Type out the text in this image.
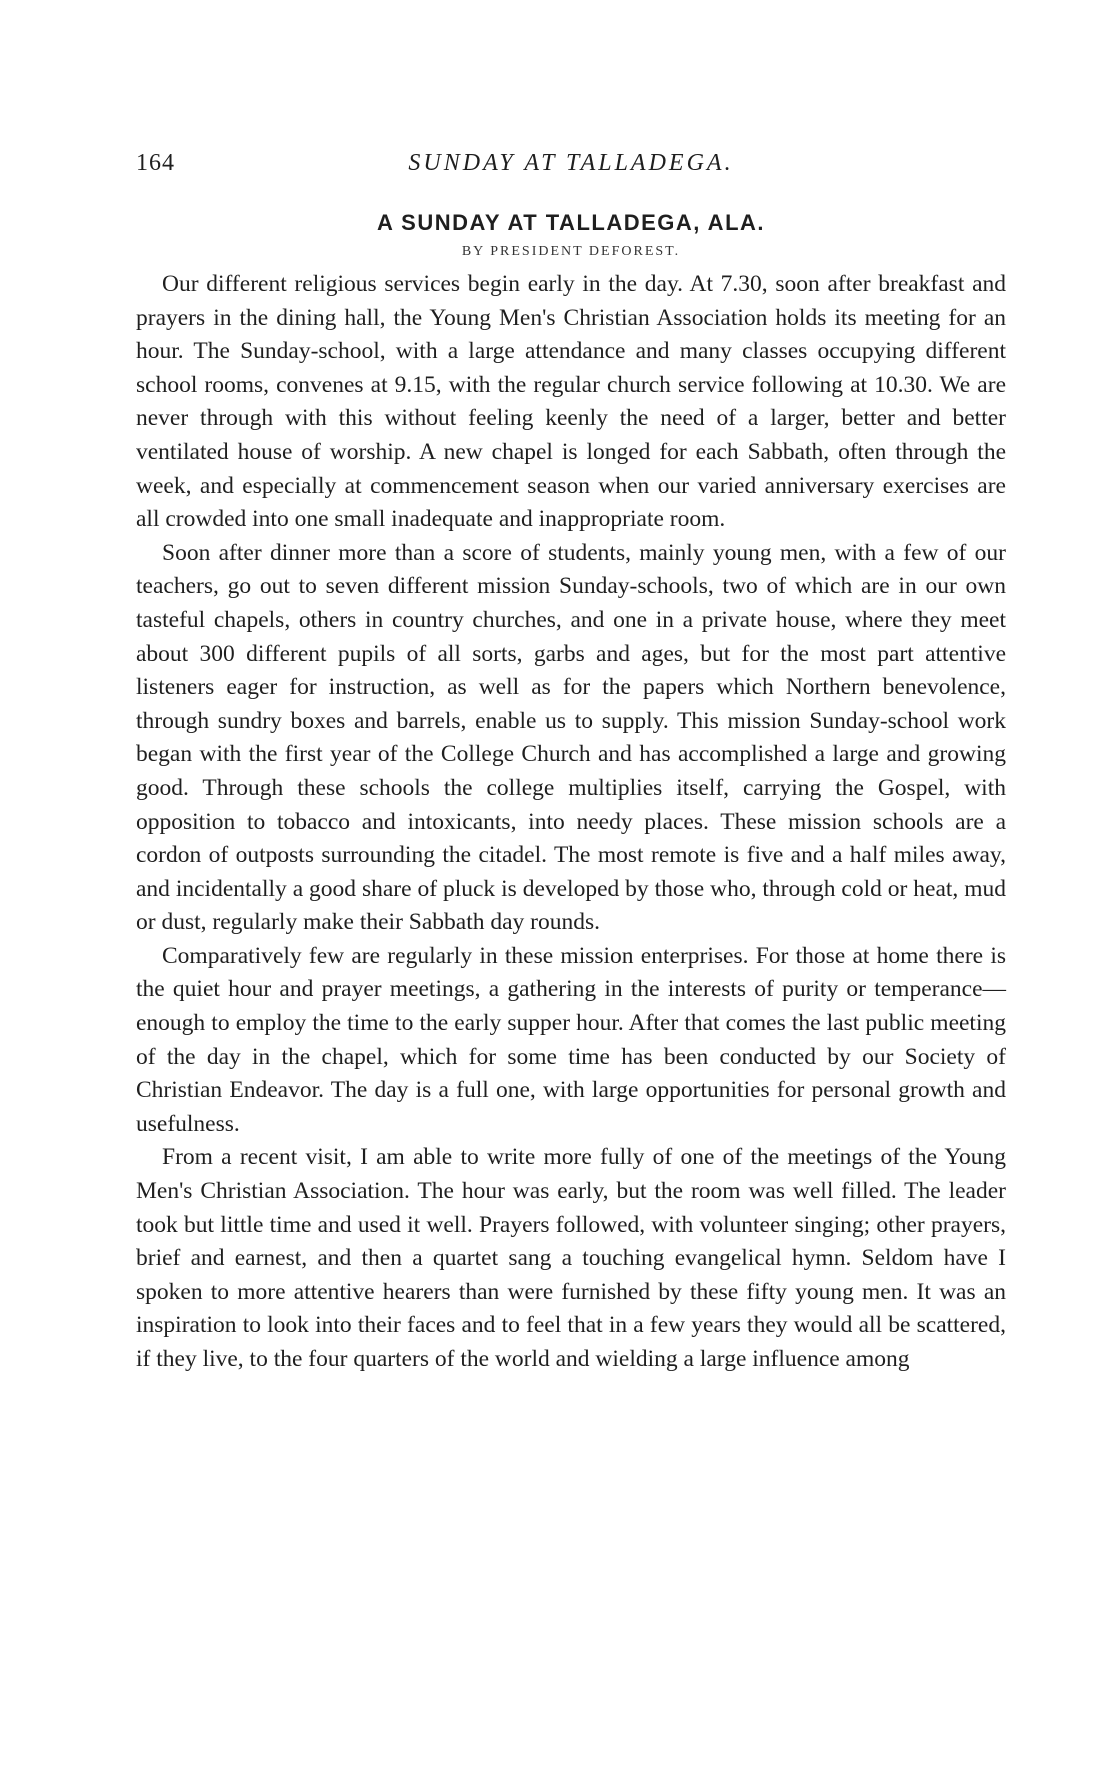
164	SUNDAY AT TALLADEGA.
A SUNDAY AT TALLADEGA, ALA.
BY PRESIDENT DEFOREST.

Our different religious services begin early in the day. At 7.30, soon after breakfast and prayers in the dining hall, the Young Men's Christian Association holds its meeting for an hour. The Sunday-school, with a large attendance and many classes occupying different school rooms, convenes at 9.15, with the regular church service following at 10.30. We are never through with this without feeling keenly the need of a larger, better and better ventilated house of worship. A new chapel is longed for each Sabbath, often through the week, and especially at commencement season when our varied anniversary exercises are all crowded into one small inadequate and inappropriate room.

Soon after dinner more than a score of students, mainly young men, with a few of our teachers, go out to seven different mission Sunday-schools, two of which are in our own tasteful chapels, others in country churches, and one in a private house, where they meet about 300 different pupils of all sorts, garbs and ages, but for the most part attentive listeners eager for instruction, as well as for the papers which Northern benevolence, through sundry boxes and barrels, enable us to supply. This mission Sunday-school work began with the first year of the College Church and has accomplished a large and growing good. Through these schools the college multiplies itself, carrying the Gospel, with opposition to tobacco and intoxicants, into needy places. These mission schools are a cordon of outposts surrounding the citadel. The most remote is five and a half miles away, and incidentally a good share of pluck is developed by those who, through cold or heat, mud or dust, regularly make their Sabbath day rounds.

Comparatively few are regularly in these mission enterprises. For those at home there is the quiet hour and prayer meetings, a gathering in the interests of purity or temperance—enough to employ the time to the early supper hour. After that comes the last public meeting of the day in the chapel, which for some time has been conducted by our Society of Christian Endeavor. The day is a full one, with large opportunities for personal growth and usefulness.

From a recent visit, I am able to write more fully of one of the meetings of the Young Men's Christian Association. The hour was early, but the room was well filled. The leader took but little time and used it well. Prayers followed, with volunteer singing; other prayers, brief and earnest, and then a quartet sang a touching evangelical hymn. Seldom have I spoken to more attentive hearers than were furnished by these fifty young men. It was an inspiration to look into their faces and to feel that in a few years they would all be scattered, if they live, to the four quarters of the world and wielding a large influence among
